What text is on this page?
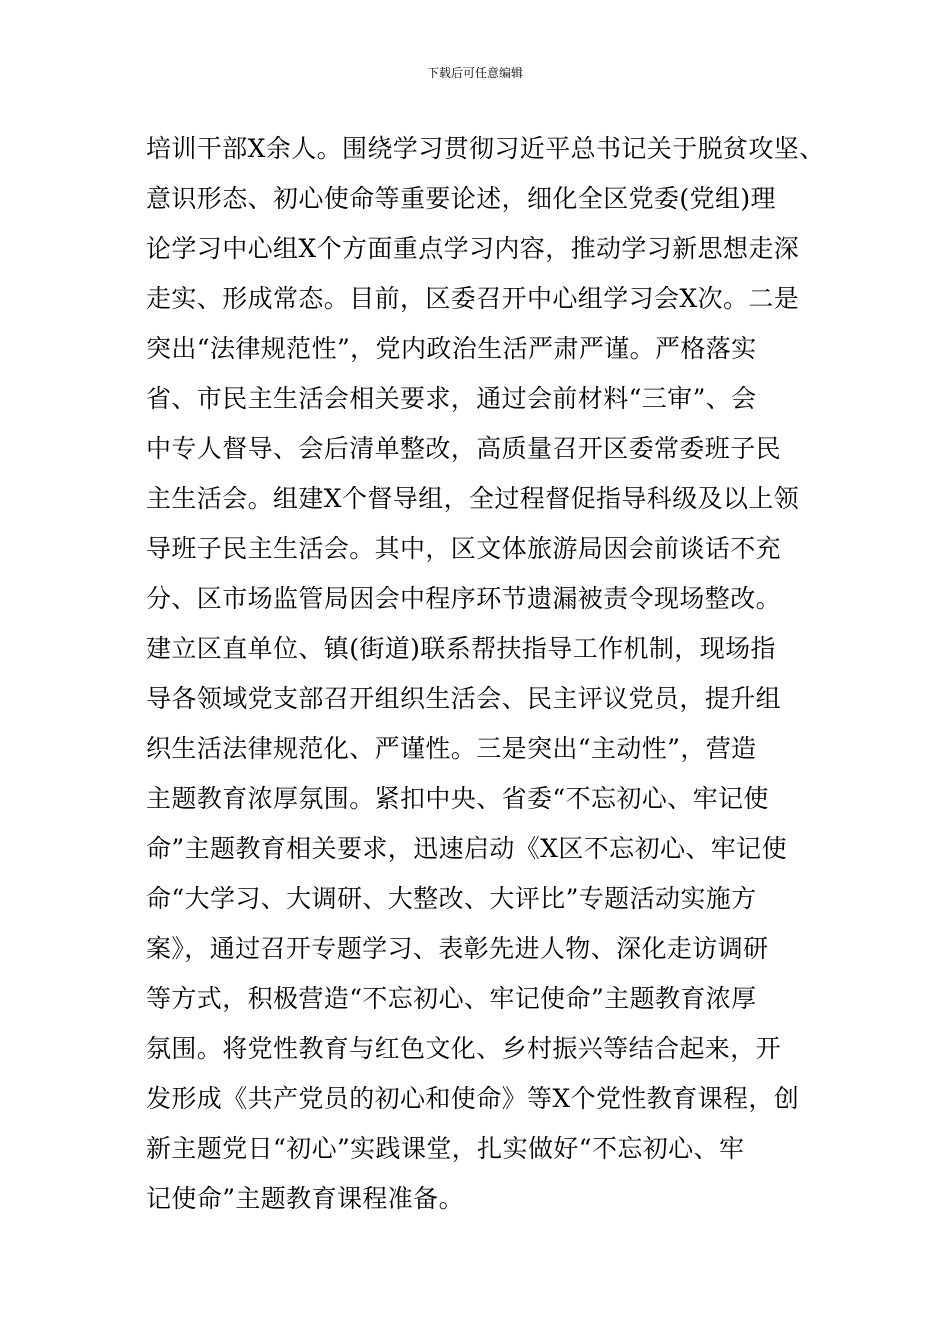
下载后可任意编辑
培训干部X余人。围绕学习贯彻习近平总书记关于脱贫攻坚、
意识形态、初心使命等重要论述，细化全区党委(党组)理
论学习中心组X个方面重点学习内容，推动学习新思想走深
走实、形成常态。目前，区委召开中心组学习会X次。二是
突出“法律规范性”，党内政治生活严肃严谨。严格落实
省、市民主生活会相关要求，通过会前材料“三审”、会
中专人督导、会后清单整改，高质量召开区委常委班子民
主生活会。组建X个督导组，全过程督促指导科级及以上领
导班子民主生活会。其中，区文体旅游局因会前谈话不充
分、区市场监管局因会中程序环节遗漏被责令现场整改。
建立区直单位、镇(街道)联系帮扶指导工作机制，现场指
导各领域党支部召开组织生活会、民主评议党员，提升组
织生活法律规范化、严谨性。三是突出“主动性”，营造
主题教育浓厚氛围。紧扣中央、省委“不忘初心、牢记使
命”主题教育相关要求，迅速启动《X区不忘初心、牢记使
命“大学习、大调研、大整改、大评比”专题活动实施方
案》，通过召开专题学习、表彰先进人物、深化走访调研
等方式，积极营造“不忘初心、牢记使命”主题教育浓厚
氛围。将党性教育与红色文化、乡村振兴等结合起来，开
发形成《共产党员的初心和使命》等X个党性教育课程，创
新主题党日“初心”实践课堂，扎实做好“不忘初心、牢
记使命”主题教育课程准备。
